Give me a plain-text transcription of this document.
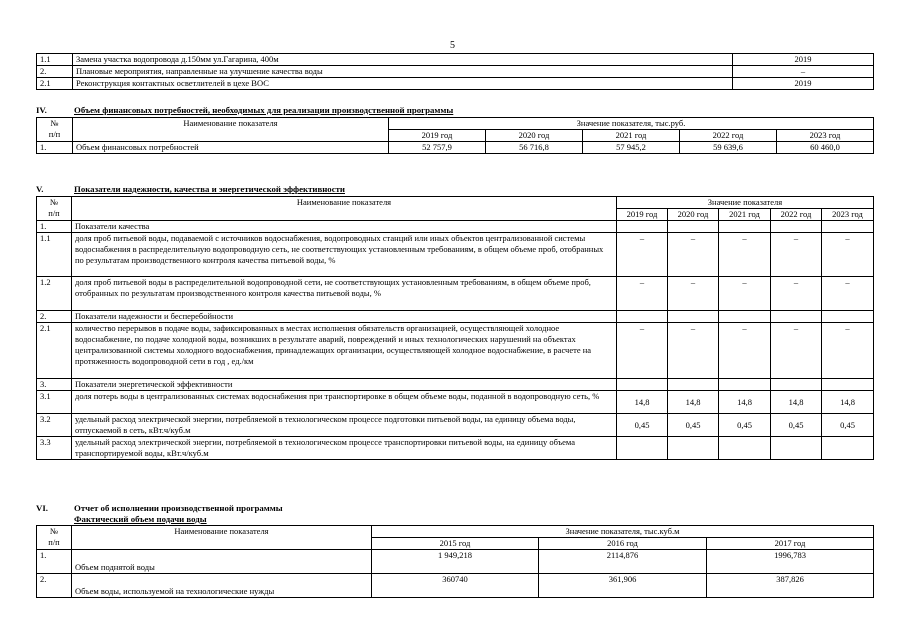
5
1.1	Замена участка водопровода д.150мм ул.Гагарина, 400м	2019
2.	Плановые мероприятия, направленные на улучшение качества воды	–
2.1	Реконструкция контактных осветлителей в цехе ВОС	2019
IV.	Объем финансовых потребностей, необходимых для реализации производственной программы
№
п/п	Наименование показателя	Значение показателя, тыс.руб.				
		2019 год	2020 год	2021 год	2022 год	2023 год
1.	Объем финансовых потребностей	52 757,9	56 716,8	57 945,2	59 639,6	60 460,0
V.	Показатели надежности, качества и энергетической эффективности
№
п/п	Наименование показателя	Значение показателя				
		2019 год	2020 год	2021 год	2022 год	2023 год
1.	Показатели качества					
1.1	доля проб питьевой воды, подаваемой с источников водоснабжения, водопроводных станций или иных объектов централизованной системы водоснабжения в распределительную водопроводную сеть, не соответствующих установленным требованиям, в общем объеме проб, отобранных по результатам производственного контроля качества питьевой воды, %	–	–	–	–	–
1.2	доля проб питьевой воды в распределительной водопроводной сети, не соответствующих установленным требованиям, в общем объеме проб, отобранных по результатам производственного контроля качества питьевой воды, %	–	–	–	–	–
2.	Показатели надежности и бесперебойности					
2.1	количество перерывов в подаче воды, зафиксированных в местах исполнения обязательств организацией, осуществляющей холодное водоснабжение, по подаче холодной воды, возникших в результате аварий, повреждений и иных технологических нарушений на объектах централизованной системы холодного водоснабжения, принадлежащих организации, осуществляющей холодное водоснабжение, в расчете на протяженность водопроводной сети в год , ед./км	–	–	–	–	–
3.	Показатели энергетической эффективности					
3.1	доля потерь воды в централизованных системах водоснабжения при транспортировке в общем объеме воды, поданной в водопроводную сеть, %	14,8	14,8	14,8	14,8	14,8
3.2	удельный расход электрической энергии, потребляемой в технологическом процессе подготовки питьевой воды, на единицу объема воды, отпускаемой в сеть, кВт.ч/куб.м	0,45	0,45	0,45	0,45	0,45
3.3	удельный расход электрической энергии, потребляемой в технологическом процессе транспортировки питьевой воды, на единицу объема транспортируемой воды, кВт.ч/куб.м					
VI.	Отчет об исполнении производственной программы
Фактический объем подачи воды
№
п/п	Наименование показателя	Значение показателя, тыс.куб.м		
		2015 год	2016 год	2017 год
1.	Объем поднятой воды	1 949,218	2114,876	1996,783
2.	Объем воды, используемой на технологические нужды	360740	361,906	387,826
